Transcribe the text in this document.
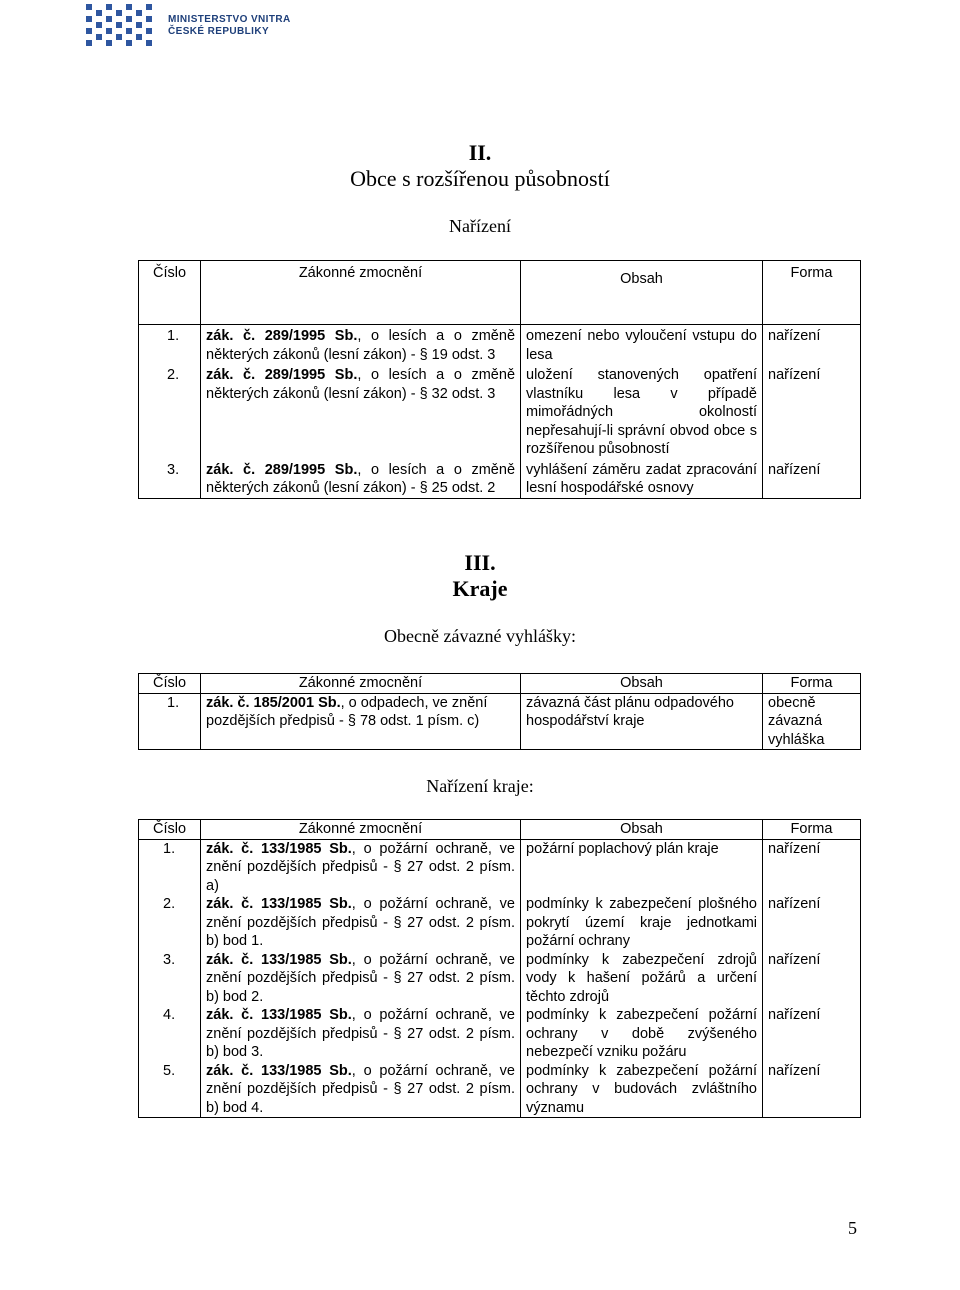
MINISTERSTVO VNITRA
ČESKÉ REPUBLIKY
II.
Obce s rozšířenou působností
Nařízení
Číslo	Zákonné zmocnění	Obsah	Forma
1.	zák. č. 289/1995 Sb., o lesích a o změně některých zákonů (lesní zákon) - § 19 odst. 3	omezení nebo vyloučení vstupu do lesa	nařízení
2.	zák. č. 289/1995 Sb., o lesích a o změně některých zákonů (lesní zákon) - § 32 odst. 3	uložení stanovených opatření vlastníku lesa v případě mimořádných okolností nepřesahují-li správní obvod obce s rozšířenou působností	nařízení
3.	zák. č. 289/1995 Sb., o lesích a o změně některých zákonů (lesní zákon) - § 25 odst. 2	vyhlášení záměru zadat zpracování lesní hospodářské osnovy	nařízení
III.
Kraje
Obecně závazné vyhlášky:
Číslo	Zákonné zmocnění	Obsah	Forma
1.	zák. č. 185/2001 Sb., o odpadech, ve znění pozdějších předpisů - § 78 odst. 1 písm. c)	závazná část plánu odpadového hospodářství kraje	obecně závazná vyhláška
Nařízení kraje:
Číslo	Zákonné zmocnění	Obsah	Forma
1.	zák. č. 133/1985 Sb., o požární ochraně, ve znění pozdějších předpisů - § 27 odst. 2 písm. a)	požární poplachový plán kraje	nařízení
2.	zák. č. 133/1985 Sb., o požární ochraně, ve znění pozdějších předpisů - § 27 odst. 2 písm. b) bod 1.	podmínky k zabezpečení plošného pokrytí území kraje jednotkami požární ochrany	nařízení
3.	zák. č. 133/1985 Sb., o požární ochraně, ve znění pozdějších předpisů - § 27 odst. 2 písm. b) bod 2.	podmínky k zabezpečení zdrojů vody k hašení požárů a určení těchto zdrojů	nařízení
4.	zák. č. 133/1985 Sb., o požární ochraně, ve znění pozdějších předpisů - § 27 odst. 2 písm. b) bod 3.	podmínky k zabezpečení požární ochrany v době zvýšeného nebezpečí vzniku požáru	nařízení
5.	zák. č. 133/1985 Sb., o požární ochraně, ve znění pozdějších předpisů - § 27 odst. 2 písm. b) bod 4.	podmínky k zabezpečení požární ochrany v budovách zvláštního významu	nařízení
5
